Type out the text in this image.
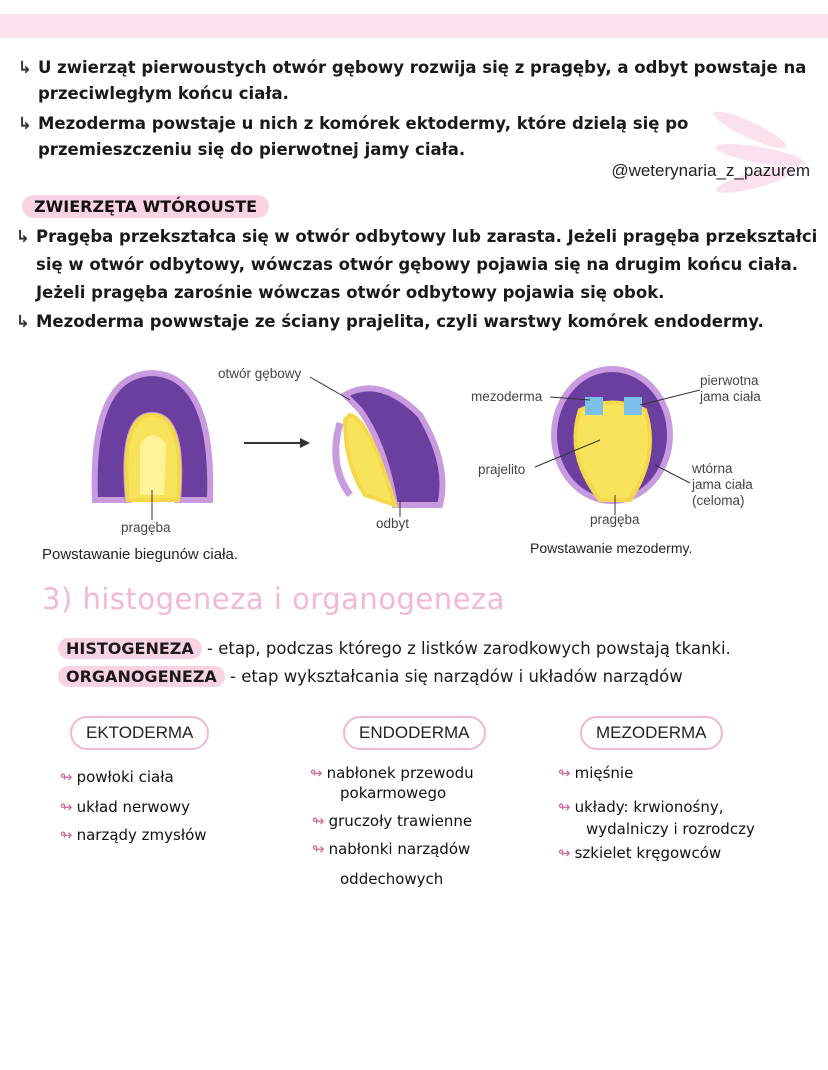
↳ U zwierząt pierwoustych otwór gębowy rozwija się z pragęby, a odbyt powstaje na
przeciwległym końcu ciała.
↳ Mezoderma powstaje u nich z komórek ektodermy, które dzielą się po
przemieszczeniu się do pierwotnej jamy ciała.
@weterynaria_z_pazurem
ZWIERZĘTA WTÓROUSTE
↳ Pragęba przekształca się w otwór odbytowy lub zarasta. Jeżeli pragęba przekształci
się w otwór odbytowy, wówczas otwór gębowy pojawia się na drugim końcu ciała.
Jeżeli pragęba zarośnie wówczas otwór odbytowy pojawia się obok.
↳ Mezoderma powwstaje ze ściany prajelita, czyli warstwy komórek endodermy.
pragęba
otwór gębowy
odbyt
Powstawanie biegunów ciała.
mezoderma
prajelito
pierwotna
jama ciała
wtórna
jama ciała
(celoma)
pragęba
Powstawanie mezodermy.
3) histogeneza i organogeneza
HISTOGENEZA - etap, podczas którego z listków zarodkowych powstają tkanki.
ORGANOGENEZA - etap wykształcania się narządów i układów narządów
EKTODERMA	ENDODERMA	MEZODERMA
↬ powłoki ciała
↬ układ nerwowy
↬ narządy zmysłów
↬ nabłonek przewodu
pokarmowego
↬ gruczoły trawienne
↬ nabłonki narządów
oddechowych
↬ mięśnie
↬ układy: krwionośny,
wydalniczy i rozrodczy
↬ szkielet kręgowców
